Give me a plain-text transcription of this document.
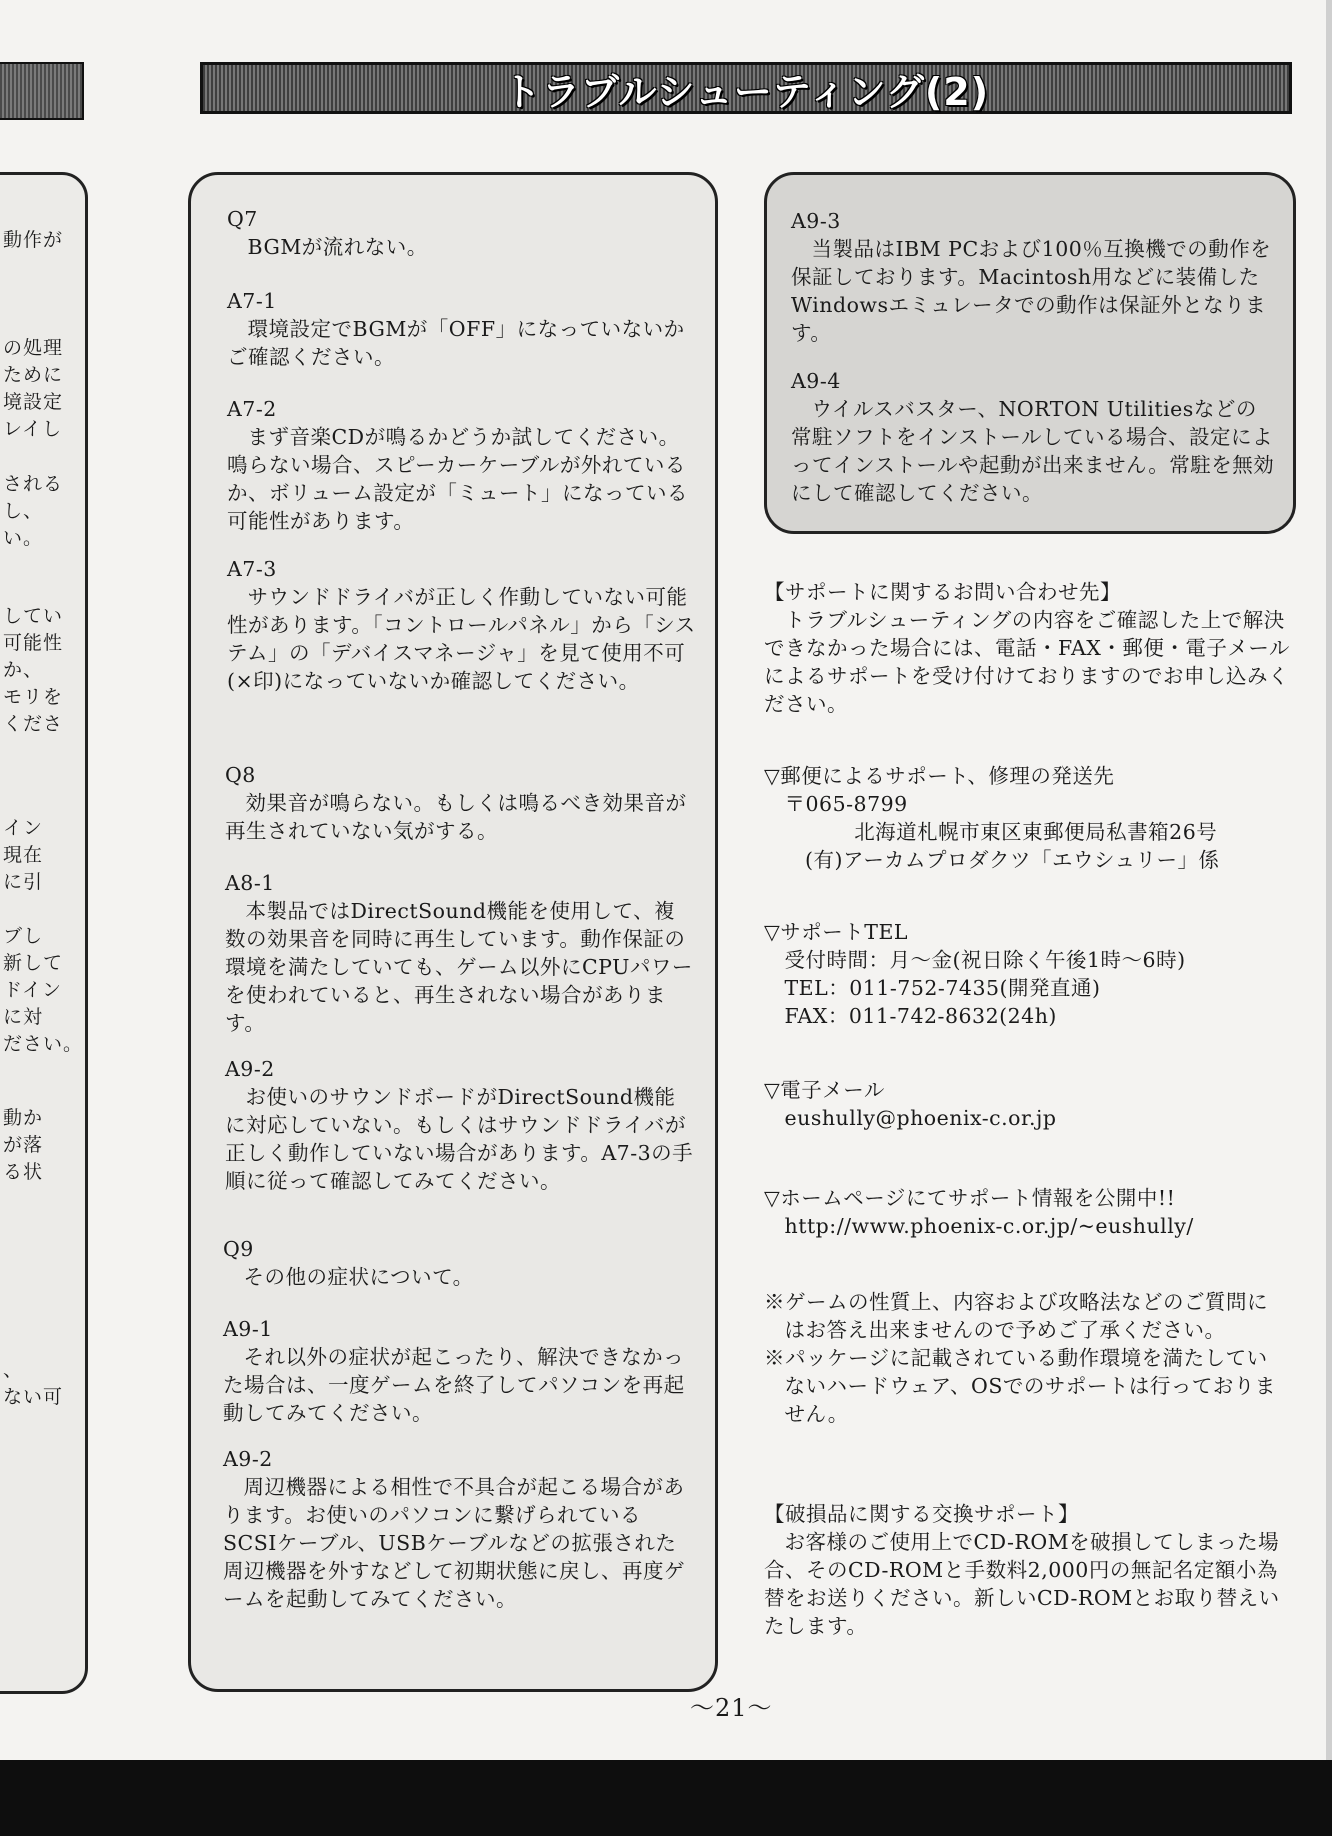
動作が
の処理
ために
境設定
レイし
される
し、
い。
してい
可能性
か、
モリを
くださ
イン
現在
に引
ブし
新して
ドイン
に対
ださい。
動か
が落
る状
、
ない可
トラブルシューティング(2)
Q7
BGMが流れない。
A7-1
環境設定でBGMが「OFF」になっていないかご確認ください。
A7-2
まず音楽CDが鳴るかどうか試してください。鳴らない場合、スピーカーケーブルが外れているか、ボリューム設定が「ミュート」になっている可能性があります。
A7-3
サウンドドライバが正しく作動していない可能性があります。「コントロールパネル」から「システム」の「デバイスマネージャ」を見て使用不可(×印)になっていないか確認してください。
Q8
効果音が鳴らない。もしくは鳴るべき効果音が再生されていない気がする。
A8-1
本製品ではDirectSound機能を使用して、複数の効果音を同時に再生しています。動作保証の環境を満たしていても、ゲーム以外にCPUパワーを使われていると、再生されない場合があります。
A9-2
お使いのサウンドボードがDirectSound機能に対応していない。もしくはサウンドドライバが正しく動作していない場合があります。A7-3の手順に従って確認してみてください。
Q9
その他の症状について。
A9-1
それ以外の症状が起こったり、解決できなかった場合は、一度ゲームを終了してパソコンを再起動してみてください。
A9-2
周辺機器による相性で不具合が起こる場合があります。お使いのパソコンに繋げられているSCSIケーブル、USBケーブルなどの拡張された周辺機器を外すなどして初期状態に戻し、再度ゲームを起動してみてください。
A9-3
当製品はIBM PCおよび100％互換機での動作を保証しております。Macintosh用などに装備したWindowsエミュレータでの動作は保証外となります。
A9-4
ウイルスバスター、NORTON Utilitiesなどの常駐ソフトをインストールしている場合、設定によってインストールや起動が出来ません。常駐を無効にして確認してください。
【サポートに関するお問い合わせ先】
トラブルシューティングの内容をご確認した上で解決できなかった場合には、電話・FAX・郵便・電子メールによるサポートを受け付けておりますのでお申し込みください。
▽郵便によるサポート、修理の発送先
〒065-8799
北海道札幌市東区東郵便局私書箱26号
(有)アーカムプロダクツ「エウシュリー」係
▽サポートTEL
受付時間：月～金(祝日除く午後1時～6時)
TEL：011-752-7435(開発直通)
FAX：011-742-8632(24h)
▽電子メール
eushully@phoenix-c.or.jp
▽ホームページにてサポート情報を公開中!!
http://www.phoenix-c.or.jp/~eushully/
※ゲームの性質上、内容および攻略法などのご質問にはお答え出来ませんので予めご了承ください。
※パッケージに記載されている動作環境を満たしていないハードウェア、OSでのサポートは行っておりません。
【破損品に関する交換サポート】
お客様のご使用上でCD-ROMを破損してしまった場合、そのCD-ROMと手数料2,000円の無記名定額小為替をお送りください。新しいCD-ROMとお取り替えいたします。
～21～
